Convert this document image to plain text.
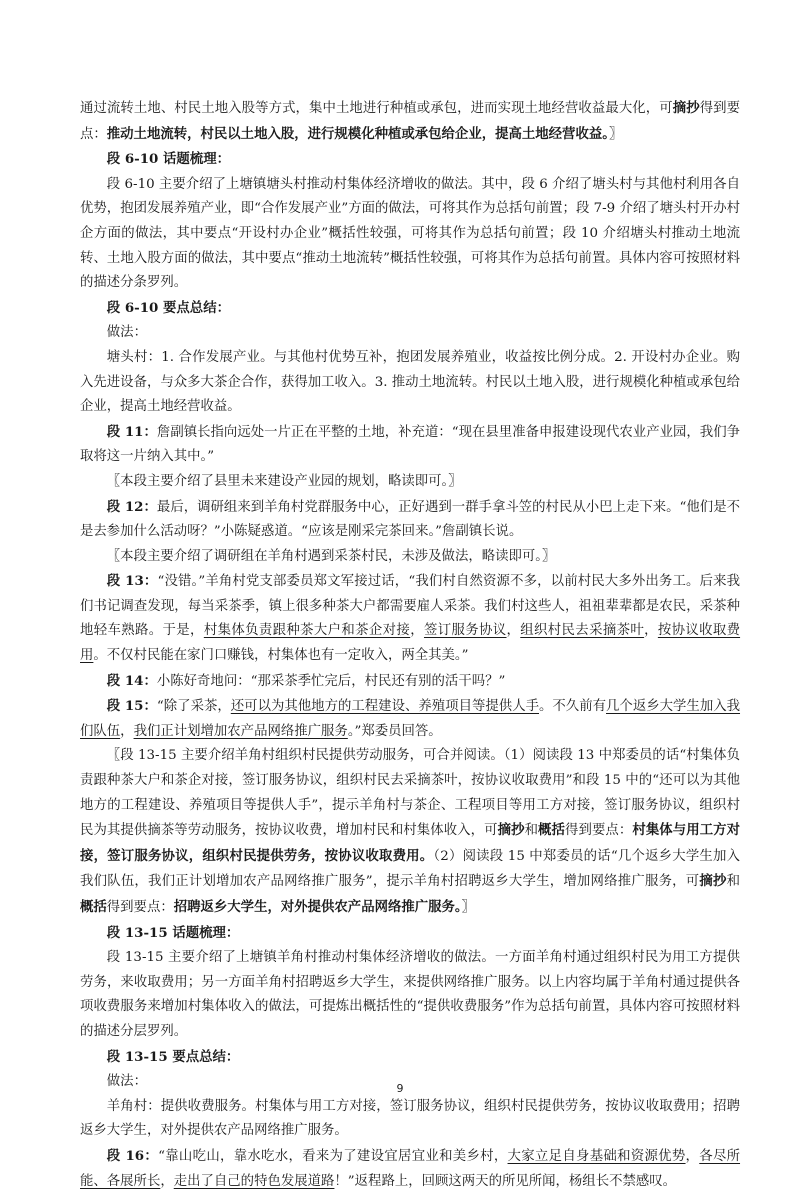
通过流转土地、村民土地入股等方式，集中土地进行种植或承包，进而实现土地经营收益最大化，可摘抄得到要点：推动土地流转，村民以土地入股，进行规模化种植或承包给企业，提高土地经营收益。〗

段 6-10 话题梳理：

段 6-10 主要介绍了上塘镇塘头村推动村集体经济增收的做法。其中，段 6 介绍了塘头村与其他村利用各自优势，抱团发展养殖产业，即“合作发展产业”方面的做法，可将其作为总括句前置；段 7-9 介绍了塘头村开办村企方面的做法，其中要点“开设村办企业”概括性较强，可将其作为总括句前置；段 10 介绍塘头村推动土地流转、土地入股方面的做法，其中要点“推动土地流转”概括性较强，可将其作为总括句前置。具体内容可按照材料的描述分条罗列。

段 6-10 要点总结：

做法：

塘头村：1. 合作发展产业。与其他村优势互补，抱团发展养殖业，收益按比例分成。2. 开设村办企业。购入先进设备，与众多大茶企合作，获得加工收入。3. 推动土地流转。村民以土地入股，进行规模化种植或承包给企业，提高土地经营收益。

段 11：詹副镇长指向远处一片正在平整的土地，补充道：“现在县里准备申报建设现代农业产业园，我们争取将这一片纳入其中。”

〖本段主要介绍了县里未来建设产业园的规划，略读即可。〗

段 12：最后，调研组来到羊角村党群服务中心，正好遇到一群手拿斗笠的村民从小巴上走下来。“他们是不是去参加什么活动呀？”小陈疑惑道。“应该是刚采完茶回来。”詹副镇长说。

〖本段主要介绍了调研组在羊角村遇到采茶村民，未涉及做法，略读即可。〗

段 13：“没错。”羊角村党支部委员郑文军接过话，“我们村自然资源不多，以前村民大多外出务工。后来我们书记调查发现，每当采茶季，镇上很多种茶大户都需要雇人采茶。我们村这些人，祖祖辈辈都是农民，采茶种地轻车熟路。于是，村集体负责跟种茶大户和茶企对接，签订服务协议，组织村民去采摘茶叶，按协议收取费用。不仅村民能在家门口赚钱，村集体也有一定收入，两全其美。”

段 14：小陈好奇地问：“那采茶季忙完后，村民还有别的活干吗？”

段 15：“除了采茶，还可以为其他地方的工程建设、养殖项目等提供人手。不久前有几个返乡大学生加入我们队伍，我们正计划增加农产品网络推广服务。”郑委员回答。

〖段 13-15 主要介绍羊角村组织村民提供劳动服务，可合并阅读。（1）阅读段 13 中郑委员的话“村集体负责跟种茶大户和茶企对接，签订服务协议，组织村民去采摘茶叶，按协议收取费用”和段 15 中的“还可以为其他地方的工程建设、养殖项目等提供人手”，提示羊角村与茶企、工程项目等用工方对接，签订服务协议，组织村民为其提供摘茶等劳动服务，按协议收费，增加村民和村集体收入，可摘抄和概括得到要点：村集体与用工方对接，签订服务协议，组织村民提供劳务，按协议收取费用。（2）阅读段 15 中郑委员的话“几个返乡大学生加入我们队伍，我们正计划增加农产品网络推广服务”，提示羊角村招聘返乡大学生，增加网络推广服务，可摘抄和概括得到要点：招聘返乡大学生，对外提供农产品网络推广服务。〗

段 13-15 话题梳理：

段 13-15 主要介绍了上塘镇羊角村推动村集体经济增收的做法。一方面羊角村通过组织村民为用工方提供劳务，来收取费用；另一方面羊角村招聘返乡大学生，来提供网络推广服务。以上内容均属于羊角村通过提供各项收费服务来增加村集体收入的做法，可提炼出概括性的“提供收费服务”作为总括句前置，具体内容可按照材料的描述分层罗列。

段 13-15 要点总结：

做法：

羊角村：提供收费服务。村集体与用工方对接，签订服务协议，组织村民提供劳务，按协议收取费用；招聘返乡大学生，对外提供农产品网络推广服务。

段 16：“靠山吃山，靠水吃水，看来为了建设宜居宜业和美乡村，大家立足自身基础和资源优势，各尽所能、各展所长，走出了自己的特色发展道路！”返程路上，回顾这两天的所见所闻，杨组长不禁感叹。

9
